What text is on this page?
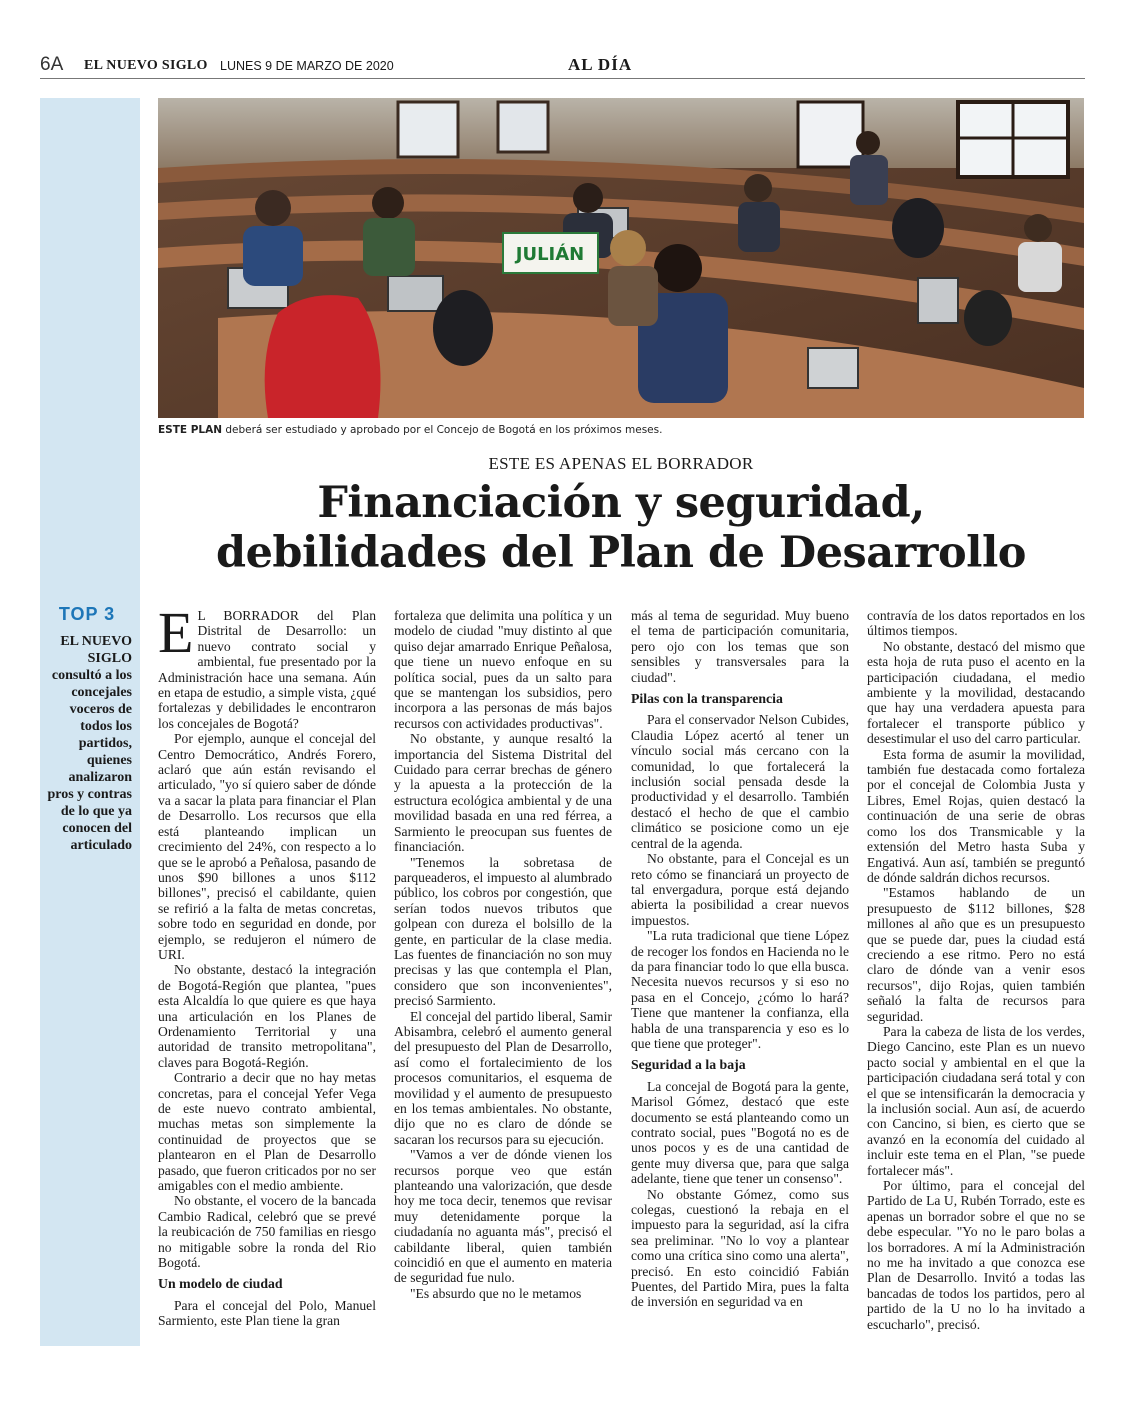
6A EL NUEVO SIGLO LUNES 9 DE MARZO DE 2020	AL DÍA
TOP 3
EL NUEVO SIGLO consultó a los concejales voceros de todos los partidos, quienes analizaron pros y contras de lo que ya conocen del articulado
JULIÁN
ESTE PLAN deberá ser estudiado y aprobado por el Concejo de Bogotá en los próximos meses.
ESTE ES APENAS EL BORRADOR
Financiación y seguridad,
debilidades del Plan de Desarrollo
E L BORRADOR del Plan Distrital de Desarrollo: un nuevo contrato social y ambiental, fue presentado por la Administración hace una semana. Aún en etapa de estudio, a simple vista, ¿qué fortalezas y debilidades le encontraron los concejales de Bogotá?

Por ejemplo, aunque el concejal del Centro Democrático, Andrés Forero, aclaró que aún están revisando el articulado, "yo sí quiero saber de dónde va a sacar la plata para financiar el Plan de Desarrollo. Los recursos que ella está planteando implican un crecimiento del 24%, con respecto a lo que se le aprobó a Peñalosa, pasando de unos $90 billones a unos $112 billones", precisó el cabildante, quien se refirió a la falta de metas concretas, sobre todo en seguridad en donde, por ejemplo, se redujeron el número de URI.

No obstante, destacó la integración de Bogotá-Región que plantea, "pues esta Alcaldía lo que quiere es que haya una articulación en los Planes de Ordenamiento Territorial y una autoridad de transito metropolitana", claves para Bogotá-Región.

Contrario a decir que no hay metas concretas, para el concejal Yefer Vega de este nuevo contrato ambiental, muchas metas son simplemente la continuidad de proyectos que se plantearon en el Plan de Desarrollo pasado, que fueron criticados por no ser amigables con el medio ambiente.

No obstante, el vocero de la bancada Cambio Radical, celebró que se prevé la reubicación de 750 familias en riesgo no mitigable sobre la ronda del Rio Bogotá.

Un modelo de ciudad

Para el concejal del Polo, Manuel Sarmiento, este Plan tiene la gran

fortaleza que delimita una política y un modelo de ciudad "muy distinto al que quiso dejar amarrado Enrique Peñalosa, que tiene un nuevo enfoque en su política social, pues da un salto para que se mantengan los subsidios, pero incorpora a las personas de más bajos recursos con actividades productivas".

No obstante, y aunque resaltó la importancia del Sistema Distrital del Cuidado para cerrar brechas de género y la apuesta a la protección de la estructura ecológica ambiental y de una movilidad basada en una red férrea, a Sarmiento le preocupan sus fuentes de financiación.

"Tenemos la sobretasa de parqueaderos, el impuesto al alumbrado público, los cobros por congestión, que serían todos nuevos tributos que golpean con dureza el bolsillo de la gente, en particular de la clase media. Las fuentes de financiación no son muy precisas y las que contempla el Plan, considero que son inconvenientes", precisó Sarmiento.

El concejal del partido liberal, Samir Abisambra, celebró el aumento general del presupuesto del Plan de Desarrollo, así como el fortalecimiento de los procesos comunitarios, el esquema de movilidad y el aumento de presupuesto en los temas ambientales. No obstante, dijo que no es claro de dónde se sacaran los recursos para su ejecución.

"Vamos a ver de dónde vienen los recursos porque veo que están planteando una valorización, que desde hoy me toca decir, tenemos que revisar muy detenidamente porque la ciudadanía no aguanta más", precisó el cabildante liberal, quien también coincidió en que el aumento en materia de seguridad fue nulo.

"Es absurdo que no le metamos

más al tema de seguridad. Muy bueno el tema de participación comunitaria, pero ojo con los temas que son sensibles y transversales para la ciudad".

Pilas con la transparencia

Para el conservador Nelson Cubides, Claudia López acertó al tener un vínculo social más cercano con la comunidad, lo que fortalecerá la inclusión social pensada desde la productividad y el desarrollo. También destacó el hecho de que el cambio climático se posicione como un eje central de la agenda.

No obstante, para el Concejal es un reto cómo se financiará un proyecto de tal envergadura, porque está dejando abierta la posibilidad a crear nuevos impuestos.

"La ruta tradicional que tiene López de recoger los fondos en Hacienda no le da para financiar todo lo que ella busca. Necesita nuevos recursos y si eso no pasa en el Concejo, ¿cómo lo hará? Tiene que mantener la confianza, ella habla de una transparencia y eso es lo que tiene que proteger".

Seguridad a la baja

La concejal de Bogotá para la gente, Marisol Gómez, destacó que este documento se está planteando como un contrato social, pues "Bogotá no es de unos pocos y es de una cantidad de gente muy diversa que, para que salga adelante, tiene que tener un consenso".

No obstante Gómez, como sus colegas, cuestionó la rebaja en el impuesto para la seguridad, así la cifra sea preliminar. "No lo voy a plantear como una crítica sino como una alerta", precisó. En esto coincidió Fabián Puentes, del Partido Mira, pues la falta de inversión en seguridad va en

contravía de los datos reportados en los últimos tiempos.

No obstante, destacó del mismo que esta hoja de ruta puso el acento en la participación ciudadana, el medio ambiente y la movilidad, destacando que hay una verdadera apuesta para fortalecer el transporte público y desestimular el uso del carro particular.

Esta forma de asumir la movilidad, también fue destacada como fortaleza por el concejal de Colombia Justa y Libres, Emel Rojas, quien destacó la continuación de una serie de obras como los dos Transmicable y la extensión del Metro hasta Suba y Engativá. Aun así, también se preguntó de dónde saldrán dichos recursos.

"Estamos hablando de un presupuesto de $112 billones, $28 millones al año que es un presupuesto que se puede dar, pues la ciudad está creciendo a ese ritmo. Pero no está claro de dónde van a venir esos recursos", dijo Rojas, quien también señaló la falta de recursos para seguridad.

Para la cabeza de lista de los verdes, Diego Cancino, este Plan es un nuevo pacto social y ambiental en el que la participación ciudadana será total y con el que se intensificarán la democracia y la inclusión social. Aun así, de acuerdo con Cancino, si bien, es cierto que se avanzó en la economía del cuidado al incluir este tema en el Plan, "se puede fortalecer más".

Por último, para el concejal del Partido de La U, Rubén Torrado, este es apenas un borrador sobre el que no se debe especular. "Yo no le paro bolas a los borradores. A mí la Administración no me ha invitado a que conozca ese Plan de Desarrollo. Invitó a todas las bancadas de todos los partidos, pero al partido de la U no lo ha invitado a escucharlo", precisó.
